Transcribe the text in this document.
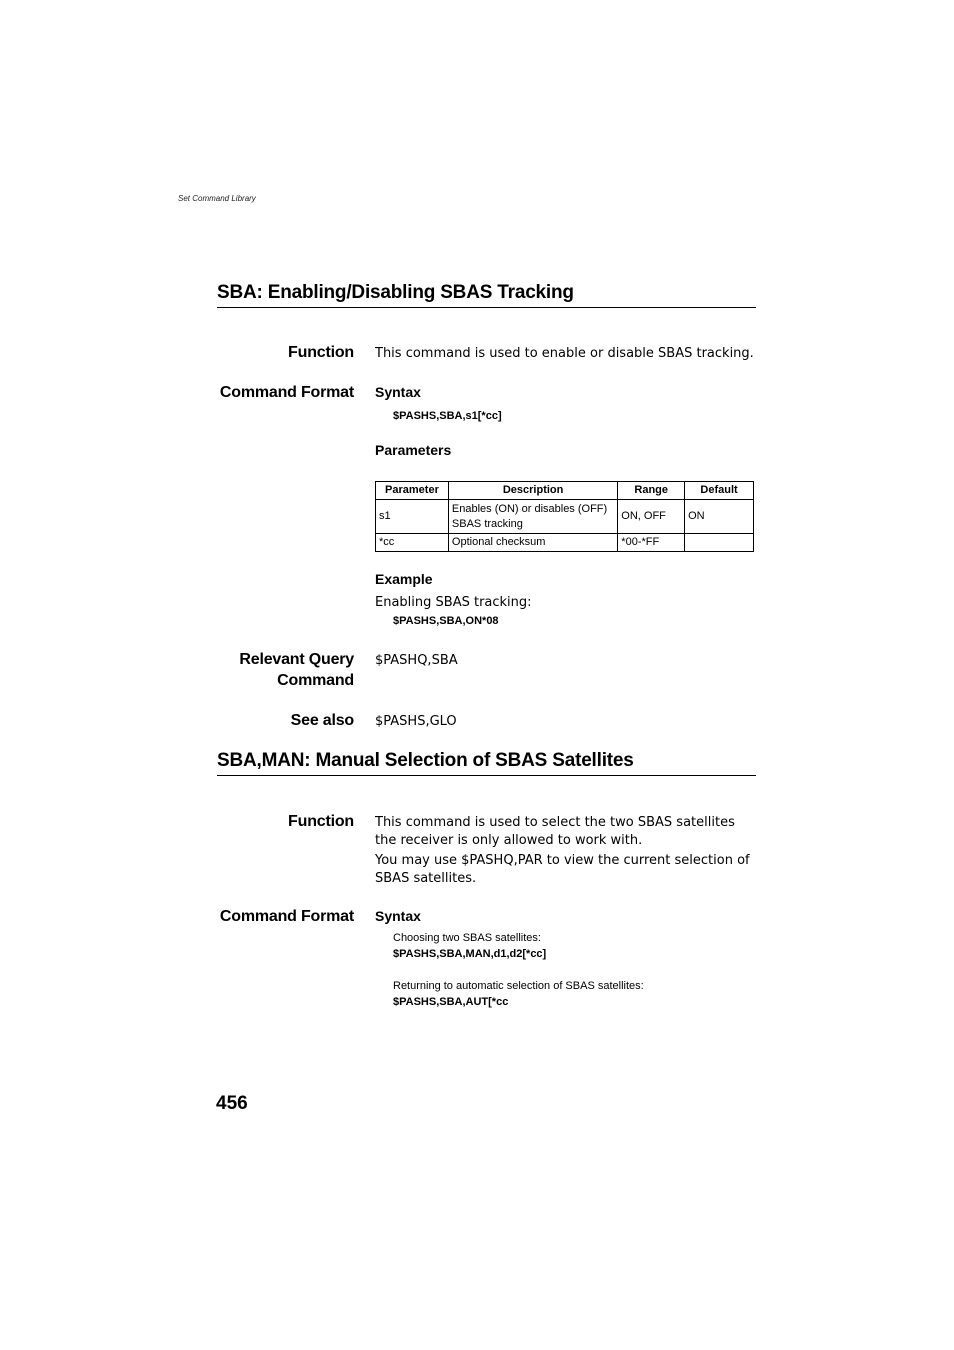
Set Command Library
SBA: Enabling/Disabling SBAS Tracking
Function This command is used to enable or disable SBAS tracking.
Command Format Syntax
$PASHS,SBA,s1[*cc]
Parameters
Parameter	Description	Range	Default
s1	Enables (ON) or disables (OFF) SBAS tracking	ON, OFF	ON
*cc	Optional checksum	*00-*FF	
Example
Enabling SBAS tracking:
$PASHS,SBA,ON*08
Relevant Query
Command
$PASHQ,SBA
See also $PASHS,GLO
SBA,MAN: Manual Selection of SBAS Satellites
Function This command is used to select the two SBAS satellites the receiver is only allowed to work with.
You may use $PASHQ,PAR to view the current selection of SBAS satellites.
Command Format Syntax
Choosing two SBAS satellites:
$PASHS,SBA,MAN,d1,d2[*cc]
Returning to automatic selection of SBAS satellites:
$PASHS,SBA,AUT[*cc
456
